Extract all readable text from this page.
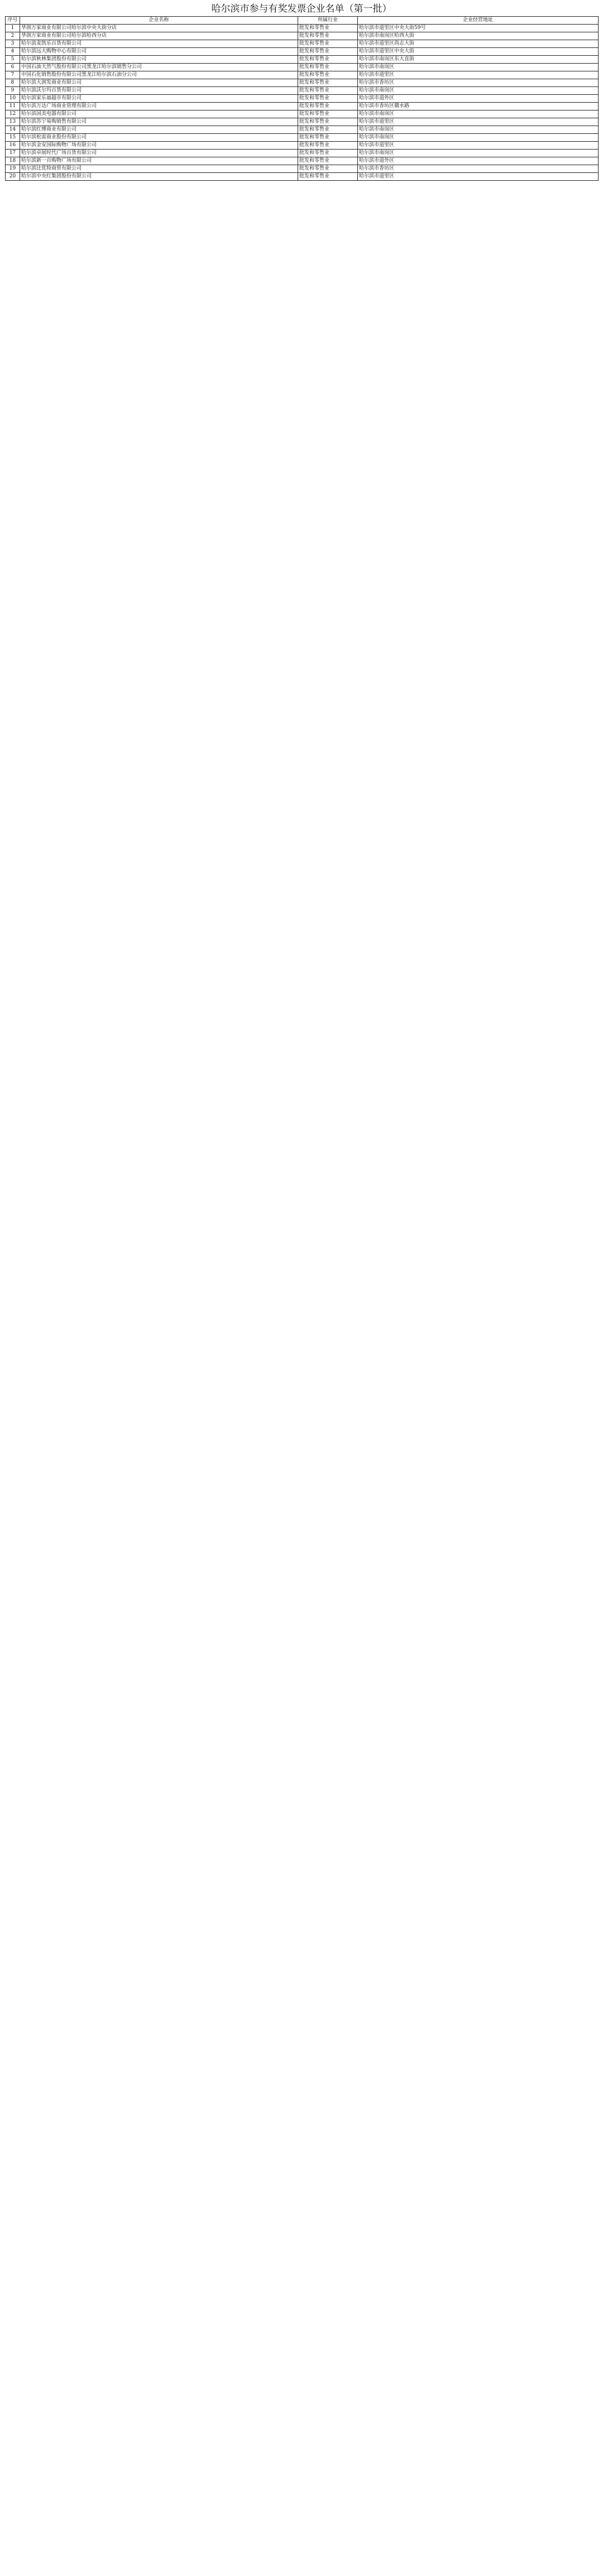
哈尔滨市参与有奖发票企业名单（第一批）
序号	企业名称	所属行业	企业经营地址
1	华润万家商业有限公司哈尔滨中央大街分店	批发和零售业	哈尔滨市道里区中央大街59号
2	华润万家商业有限公司哈尔滨哈西分店	批发和零售业	哈尔滨市南岗区哈西大街
3	哈尔滨麦凯乐百货有限公司	批发和零售业	哈尔滨市道里区尚志大街
4	哈尔滨远大购物中心有限公司	批发和零售业	哈尔滨市道里区中央大街
5	哈尔滨秋林集团股份有限公司	批发和零售业	哈尔滨市南岗区东大直街
6	中国石油天然气股份有限公司黑龙江哈尔滨销售分公司	批发和零售业	哈尔滨市南岗区
7	中国石化销售股份有限公司黑龙江哈尔滨石油分公司	批发和零售业	哈尔滨市道里区
8	哈尔滨大润发商业有限公司	批发和零售业	哈尔滨市香坊区
9	哈尔滨沃尔玛百货有限公司	批发和零售业	哈尔滨市南岗区
10	哈尔滨家乐福超市有限公司	批发和零售业	哈尔滨市道外区
11	哈尔滨万达广场商业管理有限公司	批发和零售业	哈尔滨市香坊区赣水路
12	哈尔滨国美电器有限公司	批发和零售业	哈尔滨市南岗区
13	哈尔滨苏宁易购销售有限公司	批发和零售业	哈尔滨市道里区
14	哈尔滨红博商业有限公司	批发和零售业	哈尔滨市南岗区
15	哈尔滨松雷商业股份有限公司	批发和零售业	哈尔滨市南岗区
16	哈尔滨金安国际购物广场有限公司	批发和零售业	哈尔滨市道里区
17	哈尔滨卓展时代广场百货有限公司	批发和零售业	哈尔滨市南岗区
18	哈尔滨新一百购物广场有限公司	批发和零售业	哈尔滨市道外区
19	哈尔滨比优特商贸有限公司	批发和零售业	哈尔滨市香坊区
20	哈尔滨中央红集团股份有限公司	批发和零售业	哈尔滨市道里区
